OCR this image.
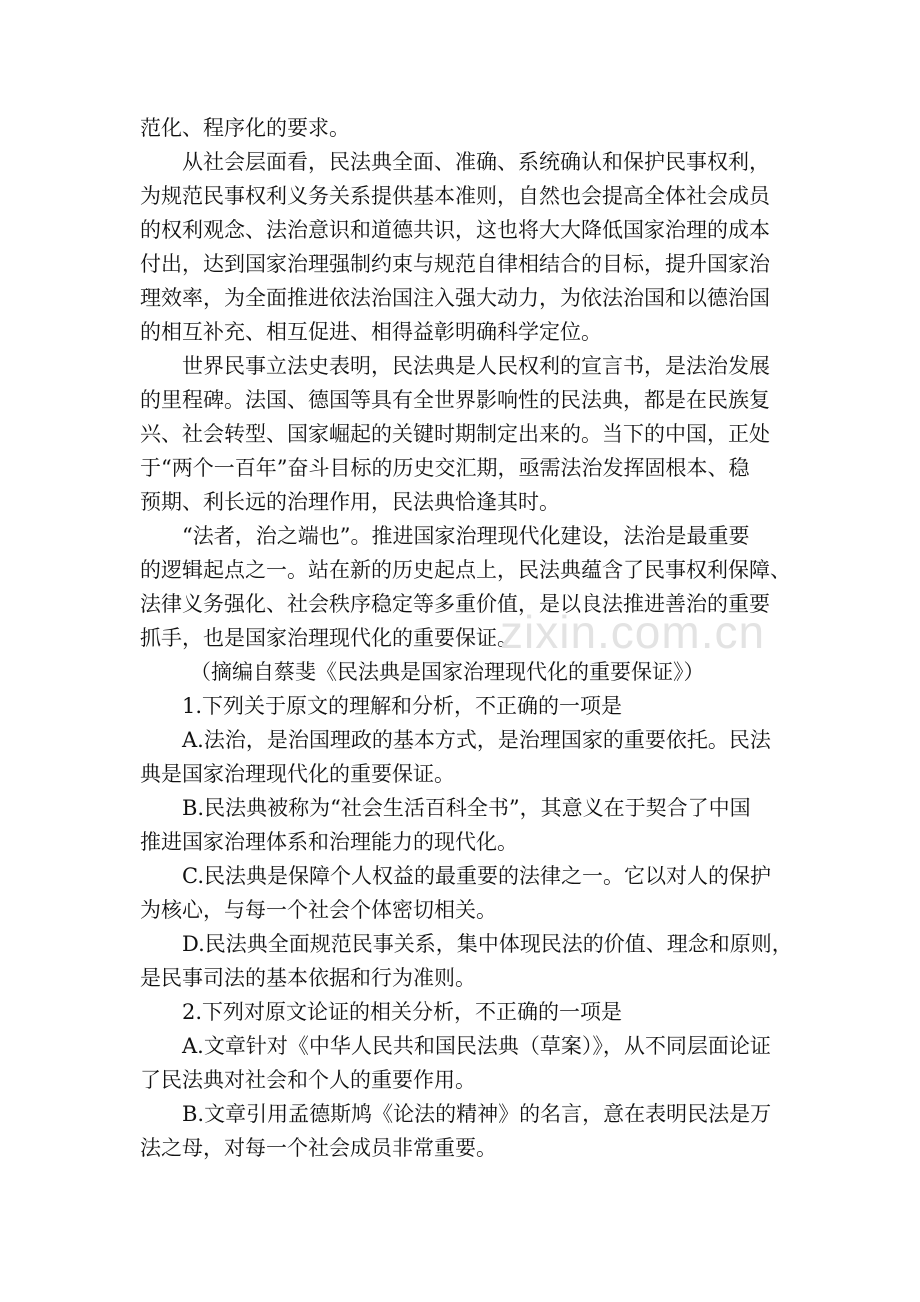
范化、程序化的要求。
从社会层面看，民法典全面、准确、系统确认和保护民事权利，
为规范民事权利义务关系提供基本准则，自然也会提高全体社会成员
的权利观念、法治意识和道德共识，这也将大大降低国家治理的成本
付出，达到国家治理强制约束与规范自律相结合的目标，提升国家治
理效率，为全面推进依法治国注入强大动力，为依法治国和以德治国
的相互补充、相互促进、相得益彰明确科学定位。
世界民事立法史表明，民法典是人民权利的宣言书，是法治发展
的里程碑。法国、德国等具有全世界影响性的民法典，都是在民族复
兴、社会转型、国家崛起的关键时期制定出来的。当下的中国，正处
于“两个一百年”奋斗目标的历史交汇期，亟需法治发挥固根本、稳
预期、利长远的治理作用，民法典恰逢其时。
“法者，治之端也”。推进国家治理现代化建设，法治是最重要
的逻辑起点之一。站在新的历史起点上，民法典蕴含了民事权利保障、
法律义务强化、社会秩序稳定等多重价值，是以良法推进善治的重要
抓手，也是国家治理现代化的重要保证。
（摘编自蔡斐《民法典是国家治理现代化的重要保证》）
1.下列关于原文的理解和分析，不正确的一项是
A.法治，是治国理政的基本方式，是治理国家的重要依托。民法
典是国家治理现代化的重要保证。
B.民法典被称为“社会生活百科全书”，其意义在于契合了中国
推进国家治理体系和治理能力的现代化。
C.民法典是保障个人权益的最重要的法律之一。它以对人的保护
为核心，与每一个社会个体密切相关。
D.民法典全面规范民事关系，集中体现民法的价值、理念和原则，
是民事司法的基本依据和行为准则。
2.下列对原文论证的相关分析，不正确的一项是
A.文章针对《中华人民共和国民法典（草案）》，从不同层面论证
了民法典对社会和个人的重要作用。
B.文章引用孟德斯鸠《论法的精神》的名言，意在表明民法是万
法之母，对每一个社会成员非常重要。
zixin.com.cn
